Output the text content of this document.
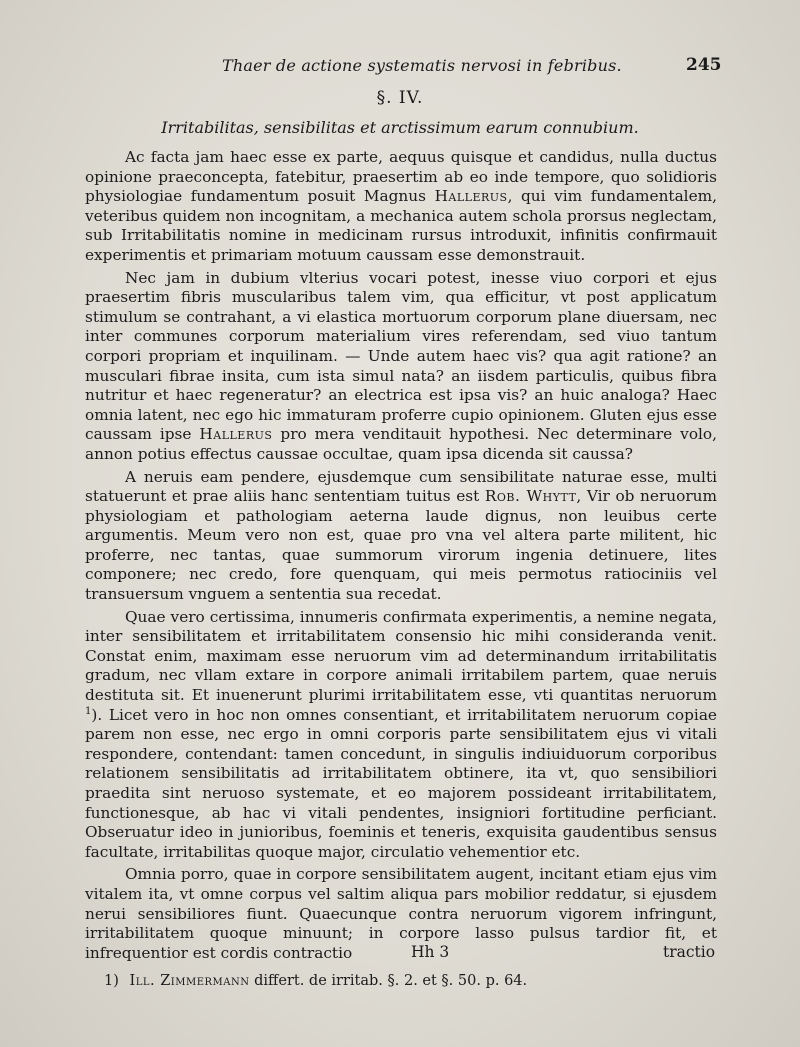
Thaer de actione systematis nervosi in febribus.	245
§. IV.
Irritabilitas, sensibilitas et arctissimum earum connubium.

Ac facta jam haec esse ex parte, aequus quisque et candidus, nulla ductus opinione praeconcepta, fatebitur, praesertim ab eo inde tempore, quo solidioris physiologiae fundamentum posuit Magnus Hallerus, qui vim fundamentalem, veteribus quidem non incognitam, a mechanica autem schola prorsus neglectam, sub Irritabilitatis nomine in medicinam rursus introduxit, infinitis confirmauit experimentis et primariam motuum caussam esse demonstrauit.

Nec jam in dubium vlterius vocari potest, inesse viuo corpori et ejus praesertim fibris muscularibus talem vim, qua efficitur, vt post applicatum stimulum se contrahant, a vi elastica mortuorum corporum plane diuersam, nec inter communes corporum materialium vires referendam, sed viuo tantum corpori propriam et inquilinam. — Unde autem haec vis? qua agit ratione? an musculari fibrae insita, cum ista simul nata? an iisdem particulis, quibus fibra nutritur et haec regeneratur? an electrica est ipsa vis? an huic analoga? Haec omnia latent, nec ego hic immaturam proferre cupio opinionem. Gluten ejus esse caussam ipse Hallerus pro mera venditauit hypothesi. Nec determinare volo, annon potius effectus caussae occultae, quam ipsa dicenda sit caussa?

A neruis eam pendere, ejusdemque cum sensibilitate naturae esse, multi statuerunt et prae aliis hanc sententiam tuitus est Rob. Whytt, Vir ob neruorum physiologiam et pathologiam aeterna laude dignus, non leuibus certe argumentis. Meum vero non est, quae pro vna vel altera parte militent, hic proferre, nec tantas, quae summorum virorum ingenia detinuere, lites componere; nec credo, fore quenquam, qui meis permotus ratiociniis vel transuersum vnguem a sententia sua recedat.

Quae vero certissima, innumeris confirmata experimentis, a nemine negata, inter sensibilitatem et irritabilitatem consensio hic mihi consideranda venit. Constat enim, maximam esse neruorum vim ad determinandum irritabilitatis gradum, nec vllam extare in corpore animali irritabilem partem, quae neruis destituta sit. Et inuenerunt plurimi irritabilitatem esse, vti quantitas neruorum $^1$). Licet vero in hoc non omnes consentiant, et irritabilitatem neruorum copiae parem non esse, nec ergo in omni corporis parte sensibilitatem ejus vi vitali respondere, contendant: tamen concedunt, in singulis indiuiduorum corporibus relationem sensibilitatis ad irritabilitatem obtinere, ita vt, quo sensibiliori praedita sint neruoso systemate, et eo majorem possideant irritabilitatem, functionesque, ab hac vi vitali pendentes, insigniori fortitudine perficiant. Obseruatur ideo in junioribus, foeminis et teneris, exquisita gaudentibus sensus facultate, irritabilitas quoque major, circulatio vehementior etc.

Omnia porro, quae in corpore sensibilitatem augent, incitant etiam ejus vim vitalem ita, vt omne corpus vel saltim aliqua pars mobilior reddatur, si ejusdem nerui sensibiliores fiunt. Quaecunque contra neruorum vigorem infringunt, irritabilitatem quoque minuunt; in corpore lasso pulsus tardior fit, et infrequentior est cordis contractio	Hh 3	tractio
1) Ill. Zimmermann differt. de irritab. §. 2. et §. 50. p. 64.
